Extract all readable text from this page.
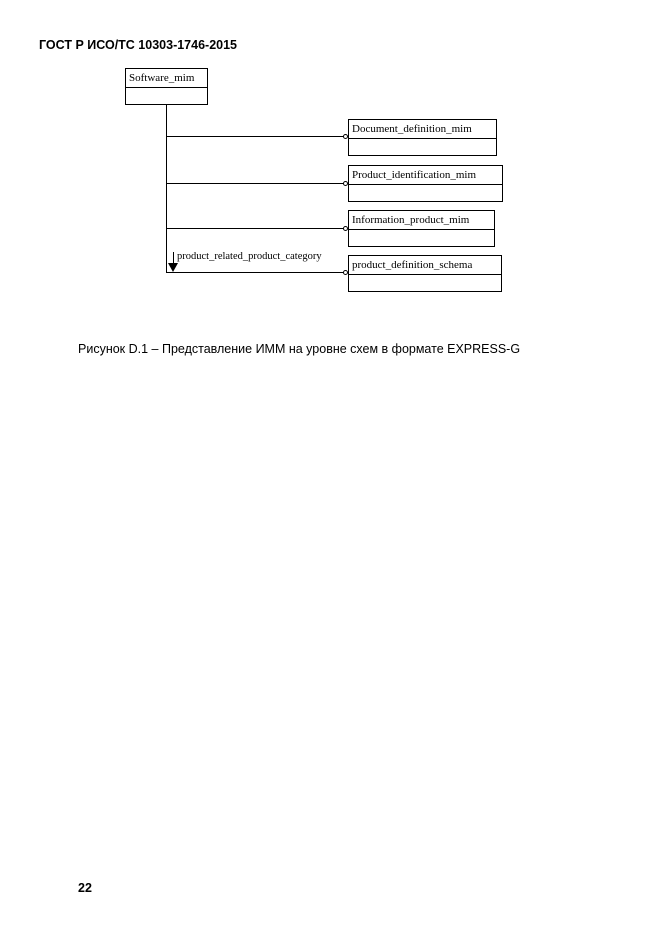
ГОСТ Р ИСО/ТС 10303-1746-2015
Software_mim
Document_definition_mim
Product_identification_mim
Information_product_mim
product_related_product_category
product_definition_schema
Рисунок D.1 – Представление ИММ на уровне схем в формате EXPRESS-G
22
